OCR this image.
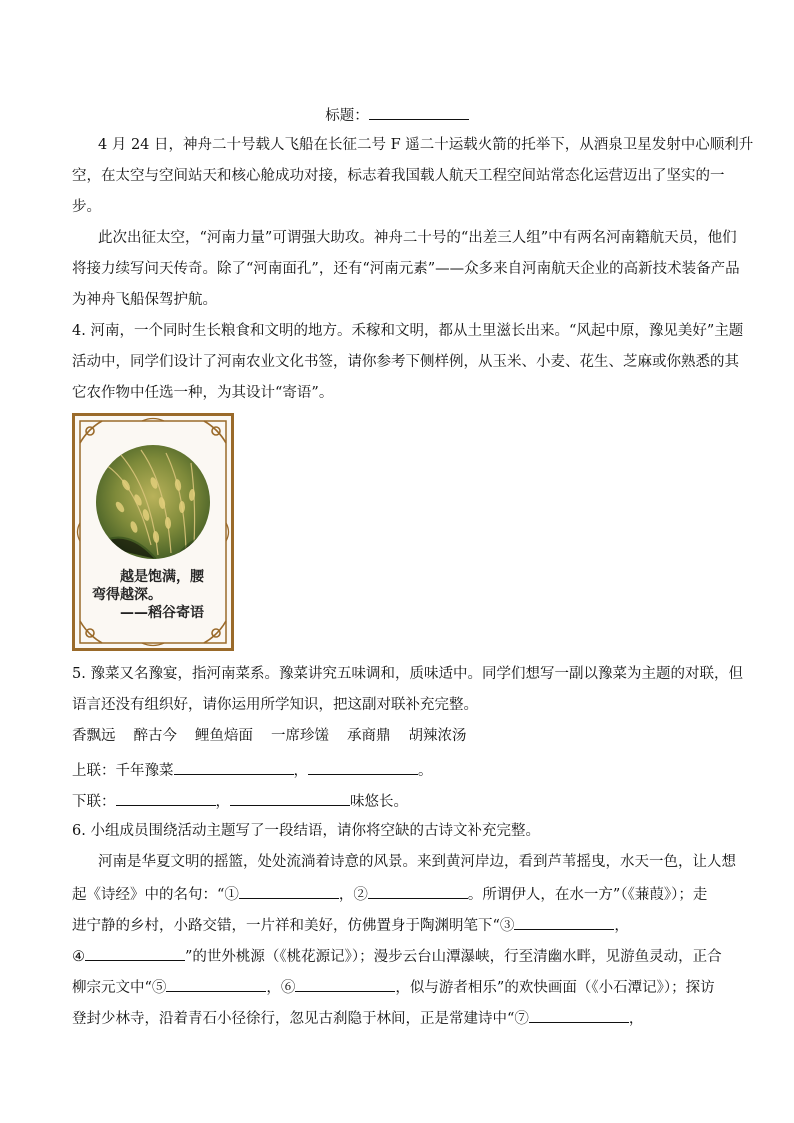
标题：
4 月 24 日，神舟二十号载人飞船在长征二号 F 遥二十运载火箭的托举下，从酒泉卫星发射中心顺利升
空，在太空与空间站天和核心舱成功对接，标志着我国载人航天工程空间站常态化运营迈出了坚实的一
步。
此次出征太空，“河南力量”可谓强大助攻。神舟二十号的“出差三人组”中有两名河南籍航天员，他们
将接力续写问天传奇。除了“河南面孔”，还有“河南元素”——众多来自河南航天企业的高新技术装备产品
为神舟飞船保驾护航。
4. 河南，一个同时生长粮食和文明的地方。禾稼和文明，都从土里滋长出来。“风起中原，豫见美好”主题
活动中，同学们设计了河南农业文化书签，请你参考下侧样例，从玉米、小麦、花生、芝麻或你熟悉的其
它农作物中任选一种，为其设计“寄语”。
越是饱满，腰
弯得越深。
——稻谷寄语
5. 豫菜又名豫宴，指河南菜系。豫菜讲究五味调和，质味适中。同学们想写一副以豫菜为主题的对联，但
语言还没有组织好，请你运用所学知识，把这副对联补充完整。
香飘远 醉古今 鲤鱼焙面 一席珍馐 承商鼎 胡辣浓汤
上联：千年豫菜	，	。
下联：	，	味悠长。
6. 小组成员围绕活动主题写了一段结语，请你将空缺的古诗文补充完整。
河南是华夏文明的摇篮，处处流淌着诗意的风景。来到黄河岸边，看到芦苇摇曳，水天一色，让人想
起《诗经》中的名句：“①	，②	。所谓伊人，在水一方”（《蒹葭》）；走
进宁静的乡村，小路交错，一片祥和美好，仿佛置身于陶渊明笔下“③	，
④	”的世外桃源（《桃花源记》）；漫步云台山潭瀑峡，行至清幽水畔，见游鱼灵动，正合
柳宗元文中“⑤	，⑥	，似与游者相乐”的欢快画面（《小石潭记》）；探访
登封少林寺，沿着青石小径徐行，忽见古刹隐于林间，正是常建诗中“⑦	，
